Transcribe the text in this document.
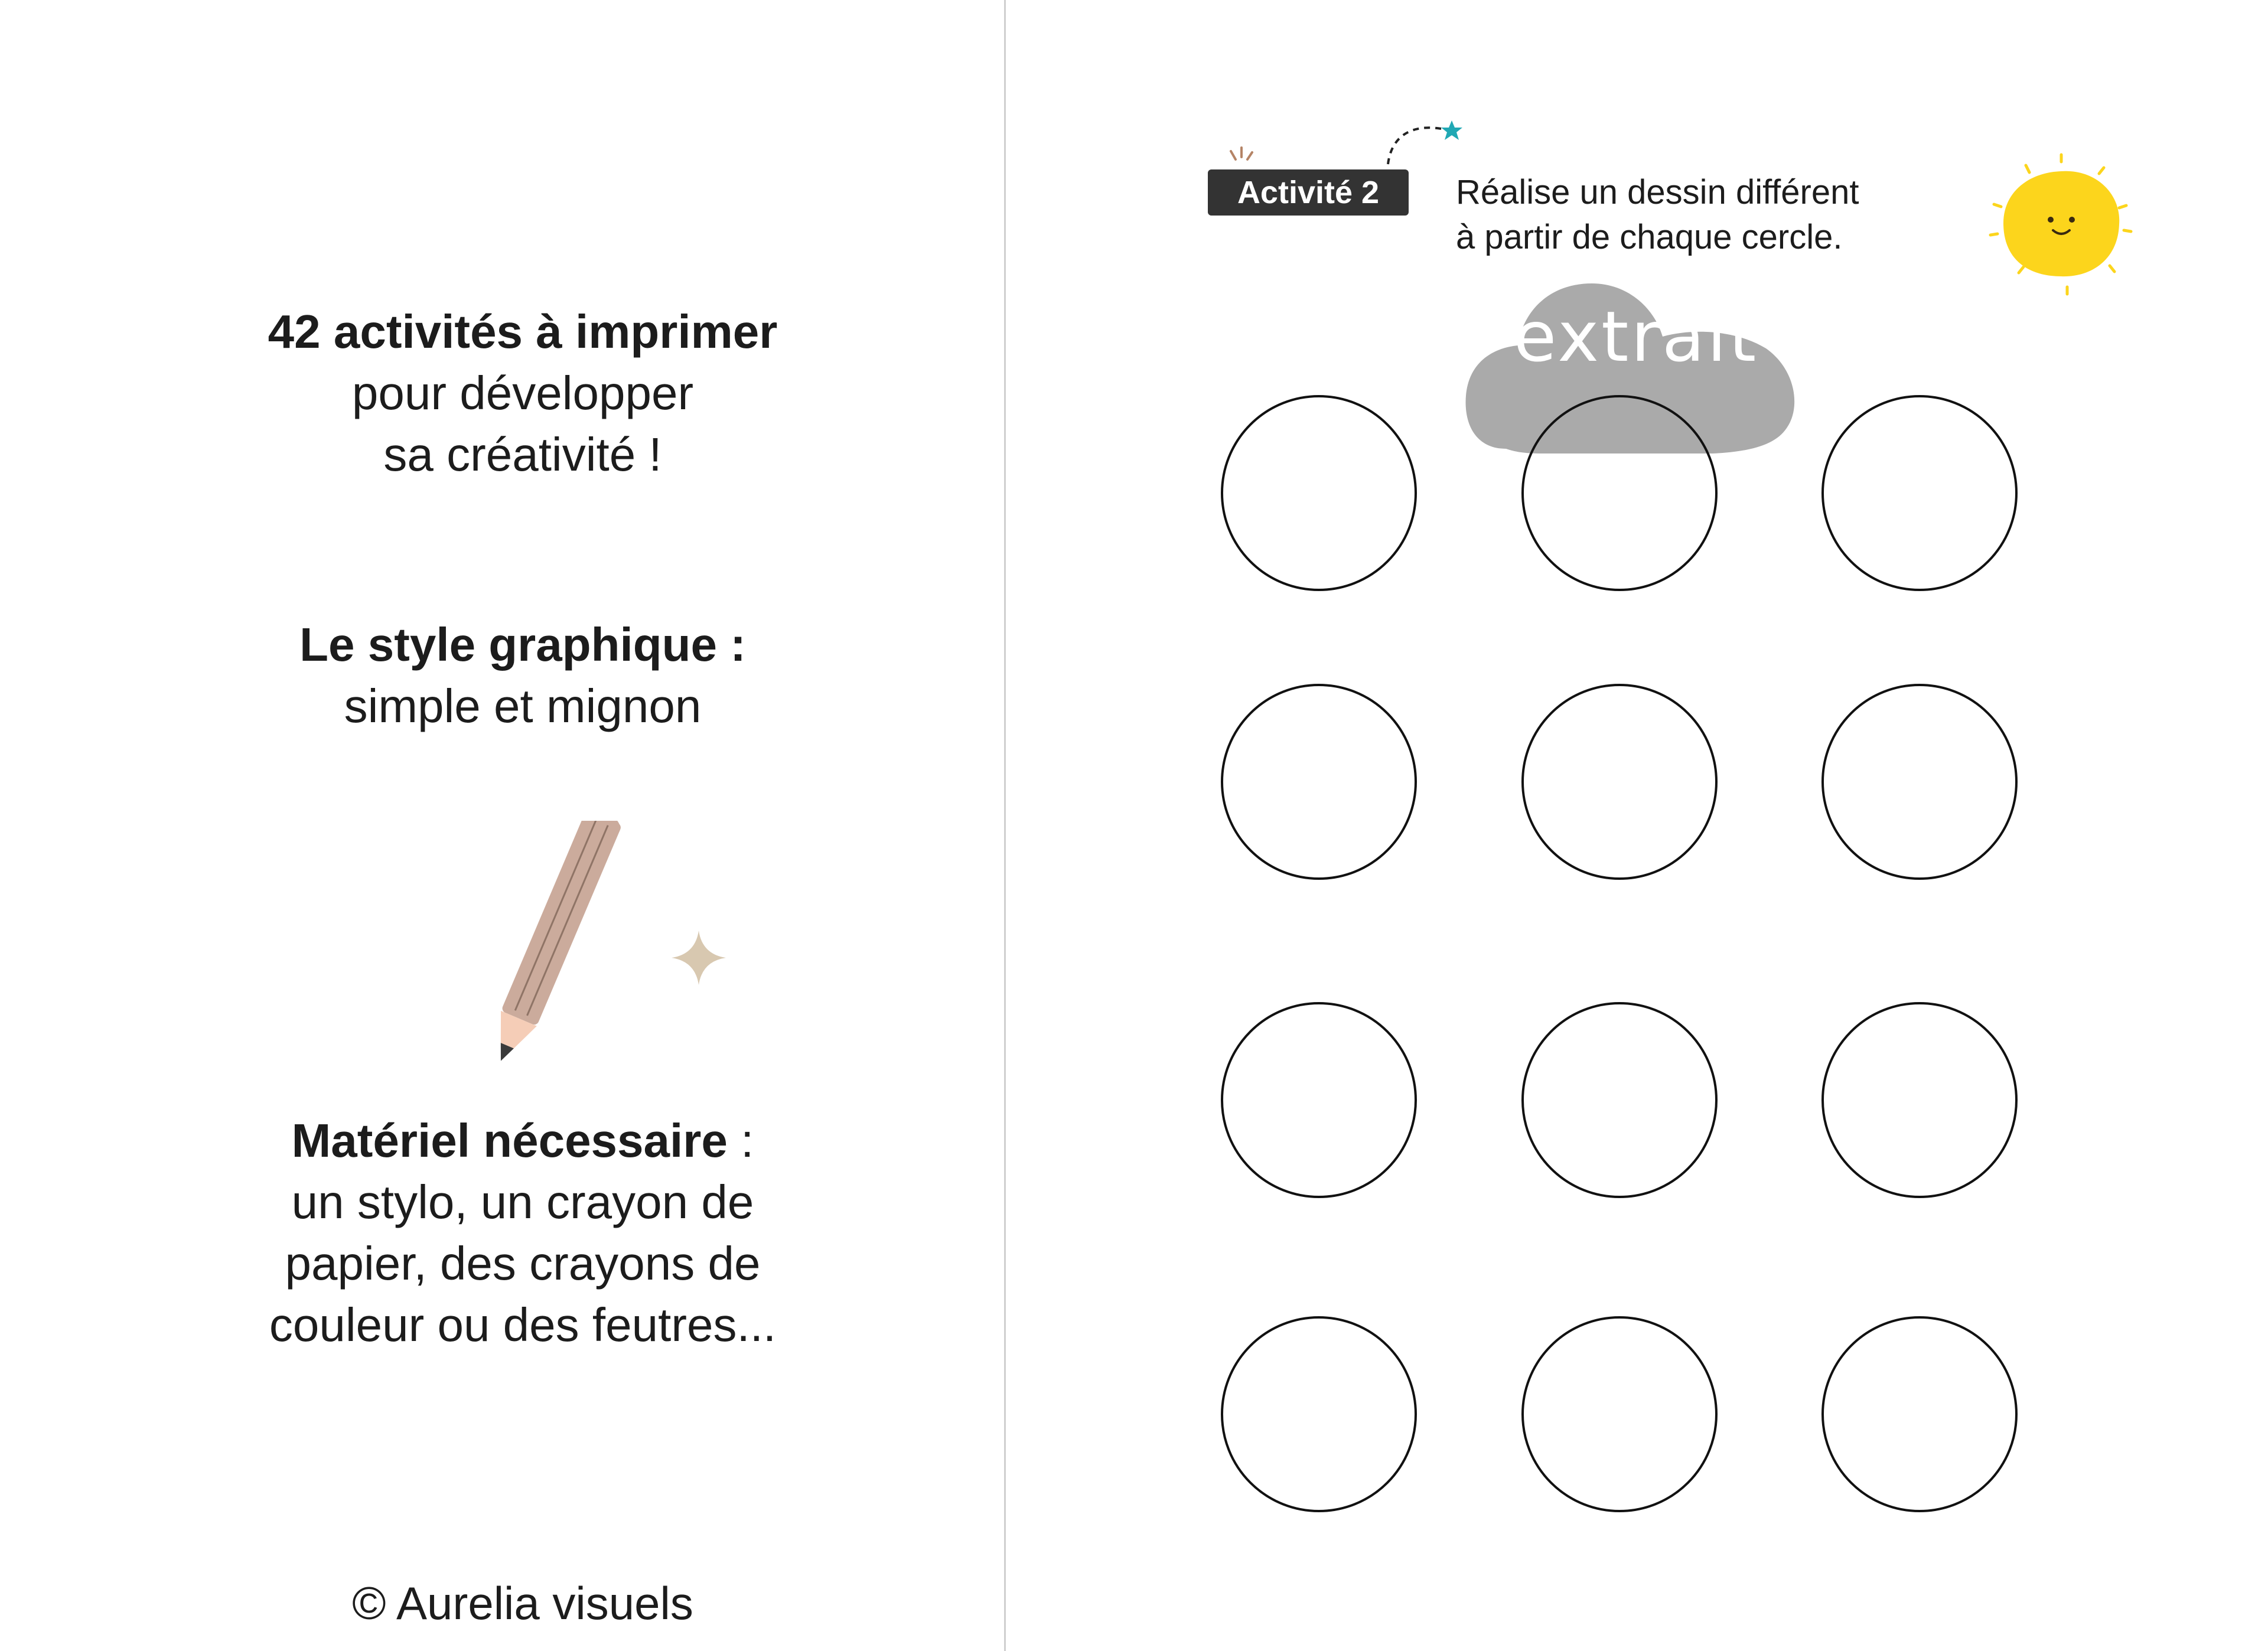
42 activités à imprimer
pour développer
sa créativité !
Le style graphique :
simple et mignon
Matériel nécessaire :
un stylo, un crayon de
papier, des crayons de
couleur ou des feutres...
© Aurelia visuels
Activité 2	Réalise un dessin différent
à partir de chaque cercle.
extrait
